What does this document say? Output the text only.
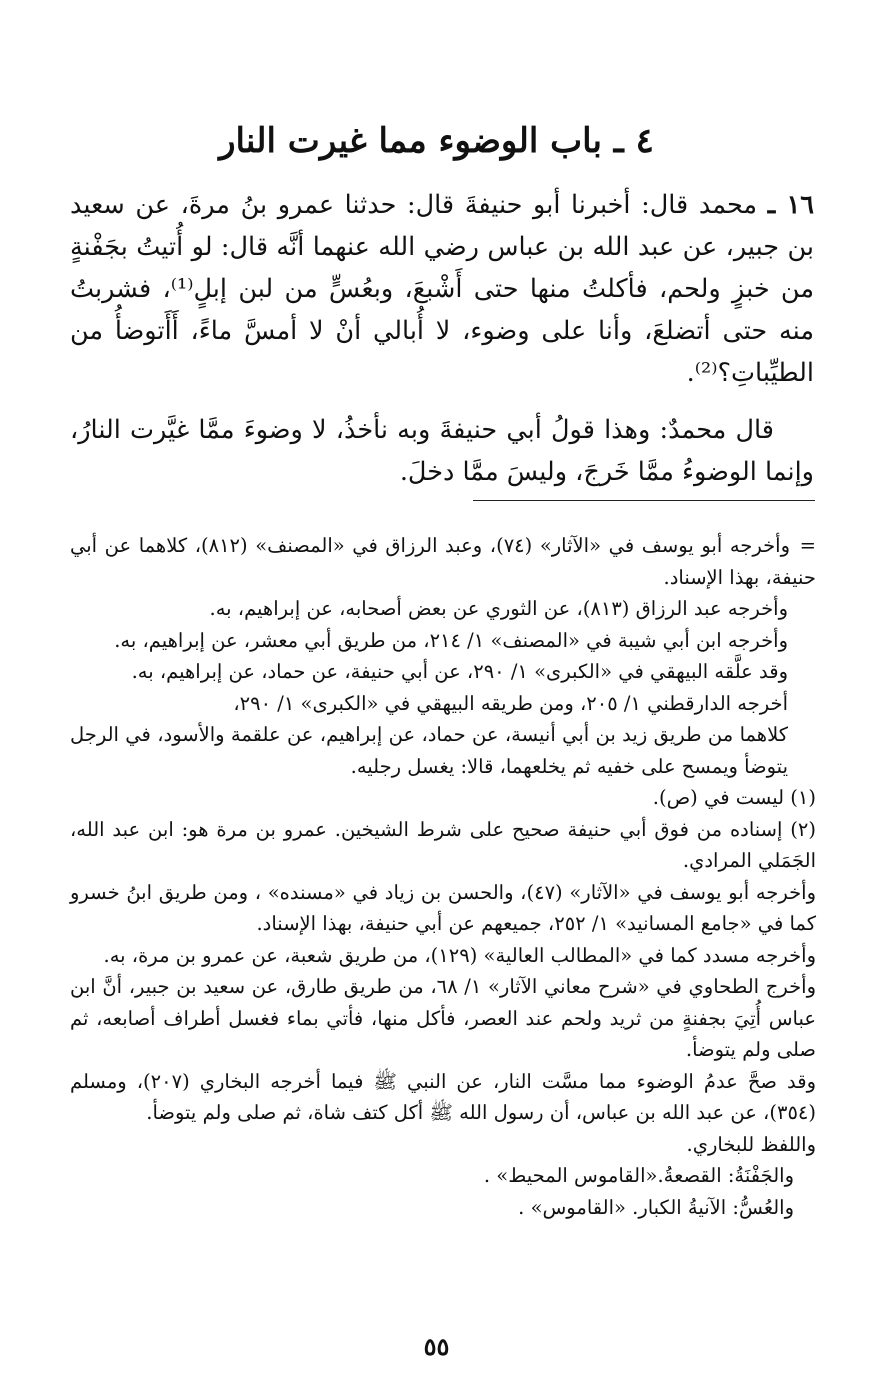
٤ ـ باب الوضوء مما غيرت النار

١٦ ـ محمد قال: أخبرنا أبو حنيفةَ قال: حدثنا عمرو بنُ مرةَ، عن سعيد بن جبير، عن عبد الله بن عباس رضي الله عنهما أنَّه قال: لو أُتيتُ بجَفْنةٍ من خبزٍ ولحم، فأكلتُ منها حتى أَشْبعَ، وبعُسٍّ من لبن إبلٍ⁽¹⁾، فشربتُ منه حتى أتضلعَ، وأنا على وضوء، لا أُبالي أنْ لا أمسَّ ماءً، أَأَتوضأُ من الطيِّباتِ؟⁽²⁾.

قال محمدٌ: وهذا قولُ أبي حنيفةَ وبه نأخذُ، لا وضوءَ ممَّا غيَّرت النارُ، وإنما الوضوءُ ممَّا خَرجَ، وليسَ ممَّا دخلَ.

=وأخرجه أبو يوسف في «الآثار» (٧٤)، وعبد الرزاق في «المصنف» (٨١٢)، كلاهما عن أبي حنيفة، بهذا الإسناد.

وأخرجه عبد الرزاق (٨١٣)، عن الثوري عن بعض أصحابه، عن إبراهيم، به.

وأخرجه ابن أبي شيبة في «المصنف» ١/ ٢١٤، من طريق أبي معشر، عن إبراهيم، به.

وقد علَّقه البيهقي في «الكبرى» ١/ ٢٩٠، عن أبي حنيفة، عن حماد، عن إبراهيم، به.

أخرجه الدارقطني ١/ ٢٠٥، ومن طريقه البيهقي في «الكبرى» ١/ ٢٩٠،

كلاهما من طريق زيد بن أبي أنيسة، عن حماد، عن إبراهيم، عن علقمة والأسود، في الرجل يتوضأ ويمسح على خفيه ثم يخلعهما، قالا: يغسل رجليه.

(١) ليست في (ص).

(٢) إسناده من فوق أبي حنيفة صحيح على شرط الشيخين. عمرو بن مرة هو: ابن عبد الله، الجَمَلي المرادي.

وأخرجه أبو يوسف في «الآثار» (٤٧)، والحسن بن زياد في «مسنده» ، ومن طريق ابنُ خسرو كما في «جامع المسانيد» ١/ ٢٥٢، جميعهم عن أبي حنيفة، بهذا الإسناد.

وأخرجه مسدد كما في «المطالب العالية» (١٢٩)، من طريق شعبة، عن عمرو بن مرة، به.

وأخرج الطحاوي في «شرح معاني الآثار» ١/ ٦٨، من طريق طارق، عن سعيد بن جبير، أنَّ ابن عباس أُتِيَ بجفنةٍ من ثريد ولحم عند العصر، فأكل منها، فأتي بماء فغسل أطراف أصابعه، ثم صلى ولم يتوضأ.

وقد صحَّ عدمُ الوضوء مما مسَّت النار، عن النبي ﷺ فيما أخرجه البخاري (٢٠٧)، ومسلم (٣٥٤)، عن عبد الله بن عباس، أن رسول الله ﷺ أكل كتف شاة، ثم صلى ولم يتوضأ.

واللفظ للبخاري.

والجَفْنَةُ: القصعةُ.«القاموس المحيط» .

والعُسُّ: الآنيةُ الكبار. «القاموس» .

٥٥
